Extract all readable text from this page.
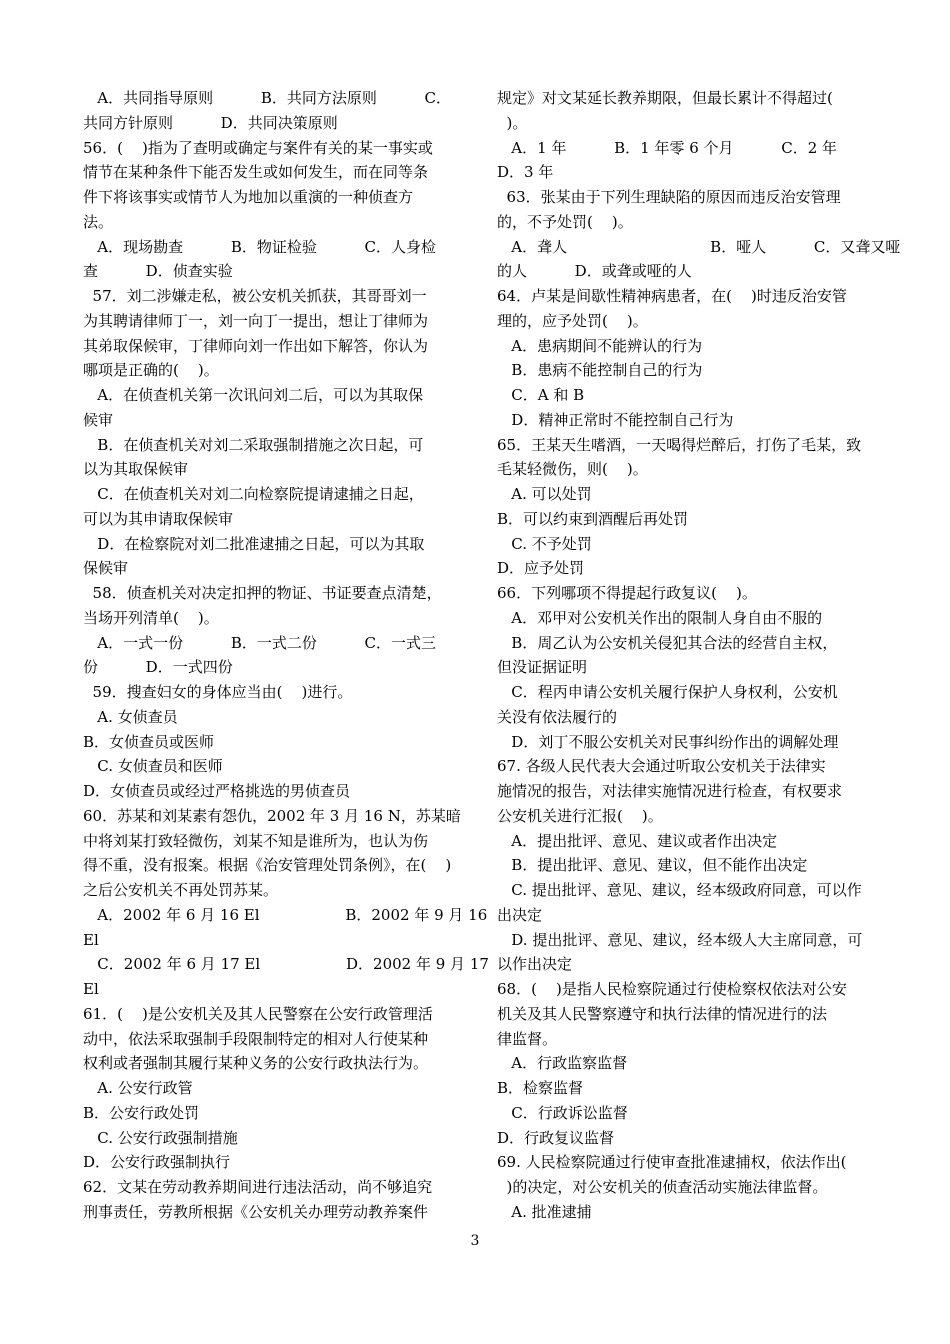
A．共同指导原则          B．共同方法原则          C．
共同方针原则          D．共同决策原则
56．(    )指为了查明或确定与案件有关的某一事实或
情节在某种条件下能否发生或如何发生，而在同等条
件下将该事实或情节人为地加以重演的一种侦查方
法。
A．现场勘查          B．物证检验          C．人身检
查          D．侦查实验
57．刘二涉嫌走私，被公安机关抓获，其哥哥刘一
为其聘请律师丁一，刘一向丁一提出，想让丁律师为
其弟取保候审，丁律师向刘一作出如下解答，你认为
哪项是正确的(    )。
A．在侦查机关第一次讯问刘二后，可以为其取保
候审
B．在侦查机关对刘二采取强制措施之次日起，可
以为其取保候审
C．在侦查机关对刘二向检察院提请逮捕之日起，
可以为其申请取保候审
D．在检察院对刘二批准逮捕之日起，可以为其取
保候审
58．侦查机关对决定扣押的物证、书证要查点清楚，
当场开列清单(    )。
A．一式一份          B．一式二份          C．一式三
份          D．一式四份
59．搜查妇女的身体应当由(    )进行。
A. 女侦查员
B．女侦查员或医师
C. 女侦查员和医师
D．女侦查员或经过严格挑选的男侦查员
60．苏某和刘某素有怨仇，2002 年 3 月 16 N，苏某暗
中将刘某打致轻微伤，刘某不知是谁所为，也认为伤
得不重，没有报案。根据《治安管理处罚条例》，在(    )
之后公安机关不再处罚苏某。
A．2002 年 6 月 16 El                  B．2002 年 9 月 16
El
C．2002 年 6 月 17 El                  D．2002 年 9 月 17
El
61．(    )是公安机关及其人民警察在公安行政管理活
动中，依法采取强制手段限制特定的相对人行使某种
权利或者强制其履行某种义务的公安行政执法行为。
A. 公安行政管
B．公安行政处罚
C. 公安行政强制措施
D．公安行政强制执行
62．文某在劳动教养期间进行违法活动，尚不够追究
刑事责任，劳教所根据《公安机关办理劳动教养案件
规定》对文某延长教养期限，但最长累计不得超过(
)。
A．1 年          B．1 年零 6 个月          C．2 年
D．3 年
63．张某由于下列生理缺陷的原因而违反治安管理
的，不予处罚(    )。
A．聋人                              B．哑人          C．又聋又哑
的人          D．或聋或哑的人
64．卢某是间歇性精神病患者，在(    )时违反治安管
理的，应予处罚(    )。
A．患病期间不能辨认的行为
B．患病不能控制自己的行为
C．A 和 B
D．精神正常时不能控制自己行为
65．王某天生嗜酒，一天喝得烂醉后，打伤了毛某，致
毛某轻微伤，则(    )。
A. 可以处罚
B．可以约束到酒醒后再处罚
C. 不予处罚
D．应予处罚
66．下列哪项不得提起行政复议(    )。
A．邓甲对公安机关作出的限制人身自由不服的
B．周乙认为公安机关侵犯其合法的经营自主权，
但没证据证明
C．程丙申请公安机关履行保护人身权利，公安机
关没有依法履行的
D．刘丁不服公安机关对民事纠纷作出的调解处理
67. 各级人民代表大会通过听取公安机关于法律实
施情况的报告，对法律实施情况进行检查，有权要求
公安机关进行汇报(    )。
A．提出批评、意见、建议或者作出决定
B．提出批评、意见、建议，但不能作出决定
C. 提出批评、意见、建议，经本级政府同意，可以作
出决定
D. 提出批评、意见、建议，经本级人大主席同意，可
以作出决定
68．(    )是指人民检察院通过行使检察权依法对公安
机关及其人民警察遵守和执行法律的情况进行的法
律监督。
A．行政监察监督
B．检察监督
C．行政诉讼监督
D．行政复议监督
69. 人民检察院通过行使审查批准逮捕权，依法作出(
)的决定，对公安机关的侦查活动实施法律监督。
A. 批准逮捕
3
